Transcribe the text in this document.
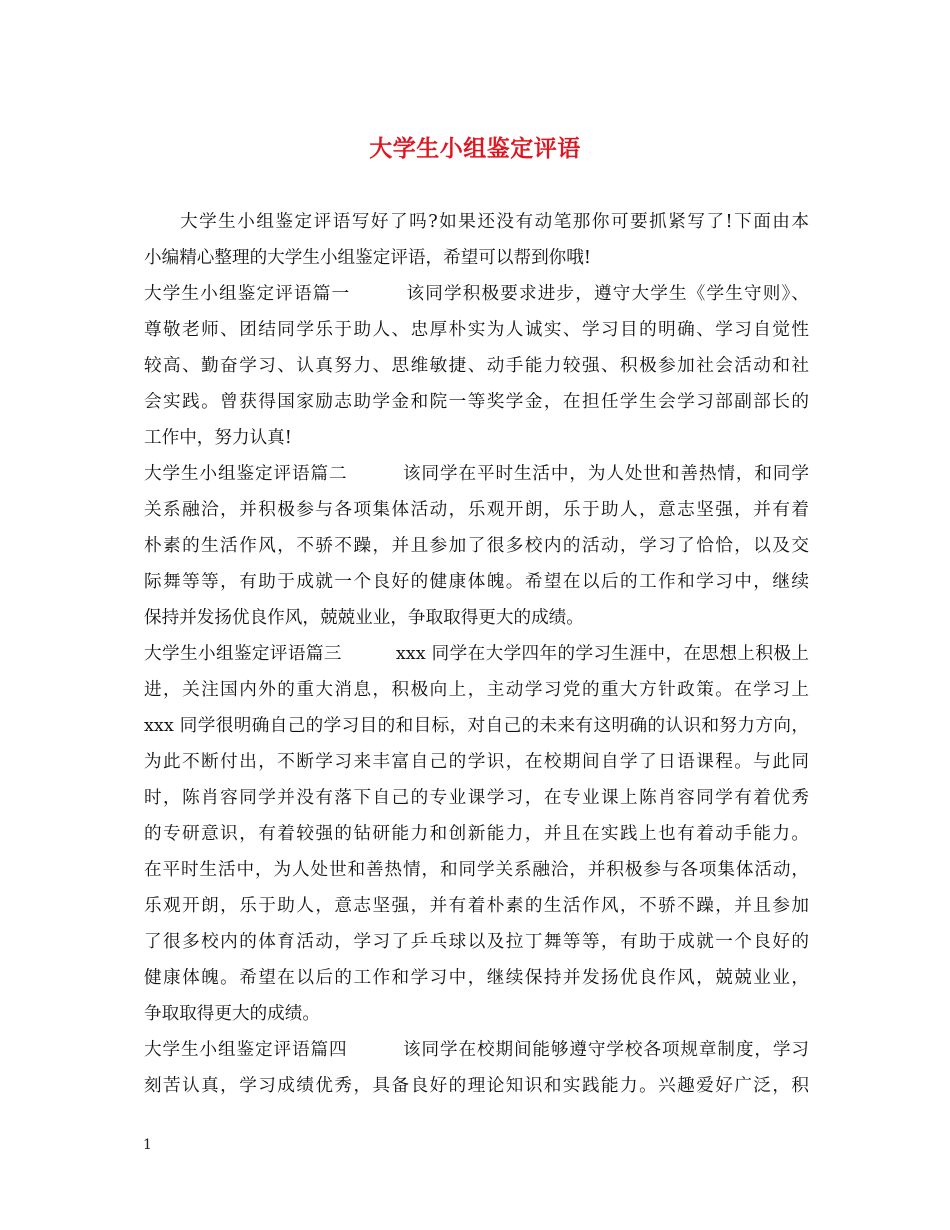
大学生小组鉴定评语
大学生小组鉴定评语写好了吗?如果还没有动笔那你可要抓紧写了!下面由本
小编精心整理的大学生小组鉴定评语，希望可以帮到你哦!
大学生小组鉴定评语篇一　　　该同学积极要求进步，遵守大学生《学生守则》、
尊敬老师、团结同学乐于助人、忠厚朴实为人诚实、学习目的明确、学习自觉性
较高、勤奋学习、认真努力、思维敏捷、动手能力较强、积极参加社会活动和社
会实践。曾获得国家励志助学金和院一等奖学金，在担任学生会学习部副部长的
工作中，努力认真!
大学生小组鉴定评语篇二　　　该同学在平时生活中，为人处世和善热情，和同学
关系融洽，并积极参与各项集体活动，乐观开朗，乐于助人，意志坚强，并有着
朴素的生活作风，不骄不躁，并且参加了很多校内的活动，学习了恰恰，以及交
际舞等等，有助于成就一个良好的健康体魄。希望在以后的工作和学习中，继续
保持并发扬优良作风，兢兢业业，争取取得更大的成绩。
大学生小组鉴定评语篇三　　　xxx 同学在大学四年的学习生涯中，在思想上积极上
进，关注国内外的重大消息，积极向上，主动学习党的重大方针政策。在学习上
xxx 同学很明确自己的学习目的和目标，对自己的未来有这明确的认识和努力方向，
为此不断付出，不断学习来丰富自己的学识，在校期间自学了日语课程。与此同
时，陈肖容同学并没有落下自己的专业课学习，在专业课上陈肖容同学有着优秀
的专研意识，有着较强的钻研能力和创新能力，并且在实践上也有着动手能力。
在平时生活中，为人处世和善热情，和同学关系融洽，并积极参与各项集体活动，
乐观开朗，乐于助人，意志坚强，并有着朴素的生活作风，不骄不躁，并且参加
了很多校内的体育活动，学习了乒乓球以及拉丁舞等等，有助于成就一个良好的
健康体魄。希望在以后的工作和学习中，继续保持并发扬优良作风，兢兢业业，
争取取得更大的成绩。
大学生小组鉴定评语篇四　　　该同学在校期间能够遵守学校各项规章制度，学习
刻苦认真，学习成绩优秀，具备良好的理论知识和实践能力。兴趣爱好广泛，积
1
